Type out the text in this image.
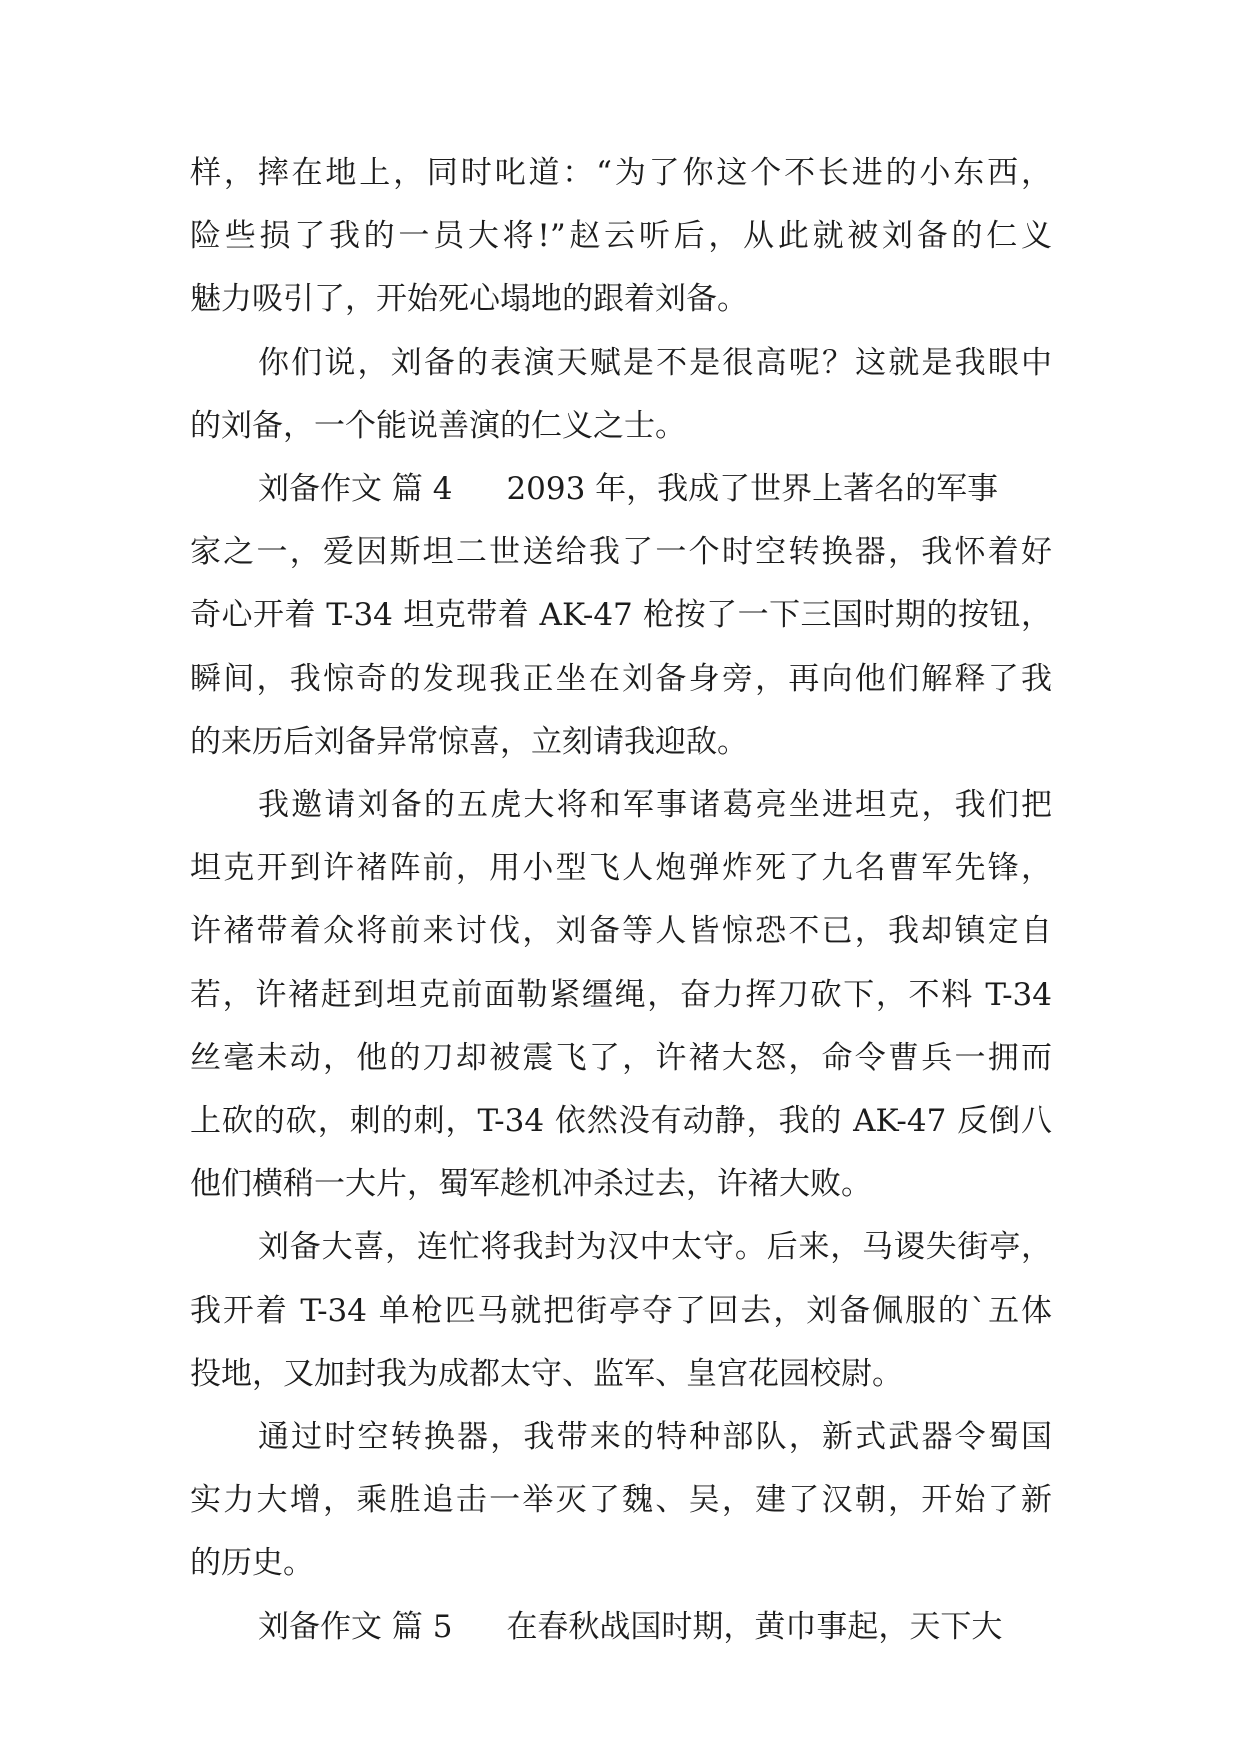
样，摔在地上，同时叱道：“为了你这个不长进的小东西，
险些损了我的一员大将!”赵云听后，从此就被刘备的仁义
魅力吸引了，开始死心塌地的跟着刘备。
你们说，刘备的表演天赋是不是很高呢？这就是我眼中
的刘备，一个能说善演的仁义之士。
刘备作文 篇 4 2093 年，我成了世界上著名的军事
家之一，爱因斯坦二世送给我了一个时空转换器，我怀着好
奇心开着 T-34 坦克带着 AK-47 枪按了一下三国时期的按钮，
瞬间，我惊奇的发现我正坐在刘备身旁，再向他们解释了我
的来历后刘备异常惊喜，立刻请我迎敌。
我邀请刘备的五虎大将和军事诸葛亮坐进坦克，我们把
坦克开到许褚阵前，用小型飞人炮弹炸死了九名曹军先锋，
许褚带着众将前来讨伐，刘备等人皆惊恐不已，我却镇定自
若，许褚赶到坦克前面勒紧缰绳，奋力挥刀砍下，不料 T-34
丝毫未动，他的刀却被震飞了，许褚大怒，命令曹兵一拥而
上砍的砍，刺的刺，T-34 依然没有动静，我的 AK-47 反倒八
他们横稍一大片，蜀军趁机冲杀过去，许褚大败。
刘备大喜，连忙将我封为汉中太守。后来，马谡失街亭，
我开着 T-34 单枪匹马就把街亭夺了回去，刘备佩服的`五体
投地，又加封我为成都太守、监军、皇宫花园校尉。
通过时空转换器，我带来的特种部队，新式武器令蜀国
实力大增，乘胜追击一举灭了魏、吴，建了汉朝，开始了新
的历史。
刘备作文 篇 5 在春秋战国时期，黄巾事起，天下大
